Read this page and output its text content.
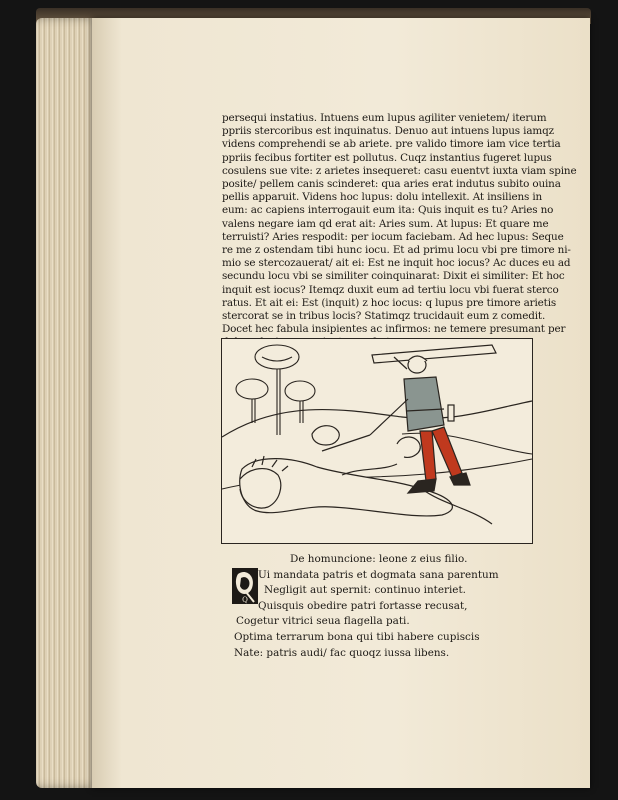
persequi instatius. Intuens eum lupus agiliter venietem/ iterum
ppriis stercoribus est inquinatus. Denuo aut intuens lupus iamqz
videns comprehendi se ab ariete. pre valido timore iam vice tertia
ppriis fecibus fortiter est pollutus. Cuqz instantius fugeret lupus
cosulens sue vite: z arietes insequeret: casu euentvt iuxta viam spine
posite/ pellem canis scinderet: qua aries erat indutus subito ouina
pellis apparuit. Videns hoc lupus: dolu intellexit. At insiliens in
eum: ac capiens interrogauit eum ita: Quis inquit es tu? Aries no
valens negare iam qd erat ait: Aries sum. At lupus: Et quare me
terruisti? Aries respodit: per iocum faciebam. Ad hec lupus: Seque
re me z ostendam tibi hunc iocu. Et ad primu locu vbi pre timore ni-
mio se stercozauerat/ ait ei: Est ne inquit hoc iocus? Ac duces eu ad
secundu locu vbi se similiter coinquinarat: Dixit ei similiter: Et hoc
inquit est iocus? Itemqz duxit eum ad tertiu locu vbi fuerat sterco
ratus. Et ait ei: Est (inquit) z hoc iocus: q lupus pre timore arietis
stercorat se in tribus locis? Statimqz trucidauit eum z comedit.
Docet hec fabula insipientes ac infirmos: ne temere presumant per
De homuncione: leone z eius filio.
Ui mandata patris et dogmata sana parentum
Negligit aut spernit: continuo interiet.
Quisquis obedire patri fortasse recusat,
Cogetur vitrici seua flagella pati.
Optima terrarum bona qui tibi habere cupiscis
Nate: patris audi/ fac quoqz iussa libens.
Q
